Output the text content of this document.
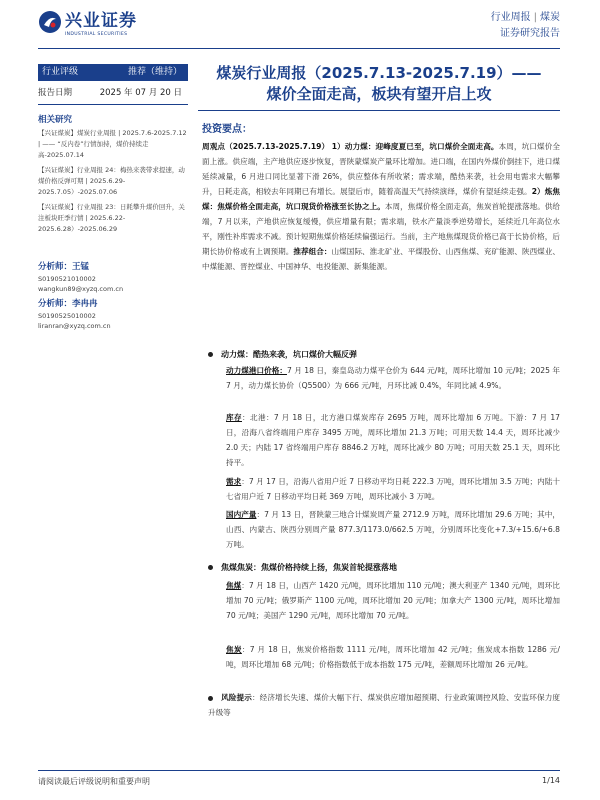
兴业证券
INDUSTRIAL SECURITIES
行业周报 | 煤炭
证券研究报告
行业评级	推荐（维持）
报告日期	2025 年 07 月 20 日
相关研究
【兴证煤炭】煤炭行业周报 | 2025.7.6-2025.7.12 | —— “反内卷”行情加持，煤价持续走高-2025.07.14
【兴证煤炭】行业周报 24：梅热来袭带求提速，动煤价格反弹可期 | 2025.6.29-2025.7.05）-2025.07.06
【兴证煤炭】行业周报 23：日耗攀升煤价回升，关注板块旺季行情 | 2025.6.22-2025.6.28）-2025.06.29
分析师：王锰
S0190521010002
wangkun89@xyzq.com.cn
分析师：李冉冉
S0190525010002
liranran@xyzq.com.cn
煤炭行业周报（2025.7.13-2025.7.19）——
煤价全面走高，板块有望开启上攻
投资要点：
周观点（2025.7.13-2025.7.19） 1）动力煤：迎峰度夏已至，坑口煤价全面走高。本周，坑口煤价全面上涨。供应端，主产地供应逐步恢复，晋陕蒙煤炭产量环比增加。进口端，在国内外煤价倒挂下，进口煤延续减量，6 月进口同比显著下滑 26%，供应整体有所收紧；需求端，酷热来袭，社会用电需求大幅攀升，日耗走高，相较去年同期已有增长。展望后市，随着高温天气持续演绎，煤价有望延续走强。2）炼焦煤：焦煤价格全面走高，坑口现货价格涨至长协之上。本周，焦煤价格全面走高，焦炭首轮提涨落地。供给端，7 月以来，产地供应恢复缓慢，供应增量有限；需求端，铁水产量淡季逆势增长，延续近几年高位水平，刚性补库需求不减。预计短期焦煤价格延续偏强运行。当前，主产地焦煤现货价格已高于长协价格，后期长协价格或有上调预期。推荐组合：山煤国际、淮北矿业、平煤股份、山西焦煤、兖矿能源、陕西煤业、中煤能源、晋控煤业、中国神华、电投能源、新集能源。
动力煤：酷热来袭，坑口煤价大幅反弹
动力煤港口价格：7 月 18 日，秦皇岛动力煤平仓价为 644 元/吨，周环比增加 10 元/吨；2025 年 7 月，动力煤长协价（Q5500）为 666 元/吨，月环比减 0.4%，年同比减 4.9%。
库存：北港：7 月 18 日，北方港口煤炭库存 2695 万吨，周环比增加 6 万吨。下游：7 月 17 日，沿海八省终端用户库存 3495 万吨，周环比增加 21.3 万吨；可用天数 14.4 天，周环比减少 2.0 天；内陆 17 省终端用户库存 8846.2 万吨，周环比减少 80 万吨；可用天数 25.1 天，周环比持平。
需求：7 月 17 日，沿海八省用户近 7 日移动平均日耗 222.3 万吨，周环比增加 3.5 万吨；内陆十七省用户近 7 日移动平均日耗 369 万吨，周环比减小 3 万吨。
国内产量：7 月 13 日，晋陕蒙三地合计煤炭周产量 2712.9 万吨，周环比增加 29.6 万吨；其中，山西、内蒙古、陕西分别周产量 877.3/1173.0/662.5 万吨，分别周环比变化+7.3/+15.6/+6.8 万吨。
焦煤焦炭：焦煤价格持续上扬，焦炭首轮提涨落地
焦煤：7 月 18 日，山西产 1420 元/吨，周环比增加 110 元/吨；澳大利亚产 1340 元/吨，周环比增加 70 元/吨；俄罗斯产 1100 元/吨，周环比增加 20 元/吨；加拿大产 1300 元/吨，周环比增加 70 元/吨；美国产 1290 元/吨，周环比增加 70 元/吨。
焦炭：7 月 18 日，焦炭价格指数 1111 元/吨，周环比增加 42 元/吨；焦炭成本指数 1286 元/吨，周环比增加 68 元/吨；价格指数低于成本指数 175 元/吨，差额周环比增加 26 元/吨。
风险提示：经济增长失速、煤价大幅下行、煤炭供应增加超预期、行业政策调控风险、安监环保力度升级等
请阅读最后评级说明和重要声明	1/14
